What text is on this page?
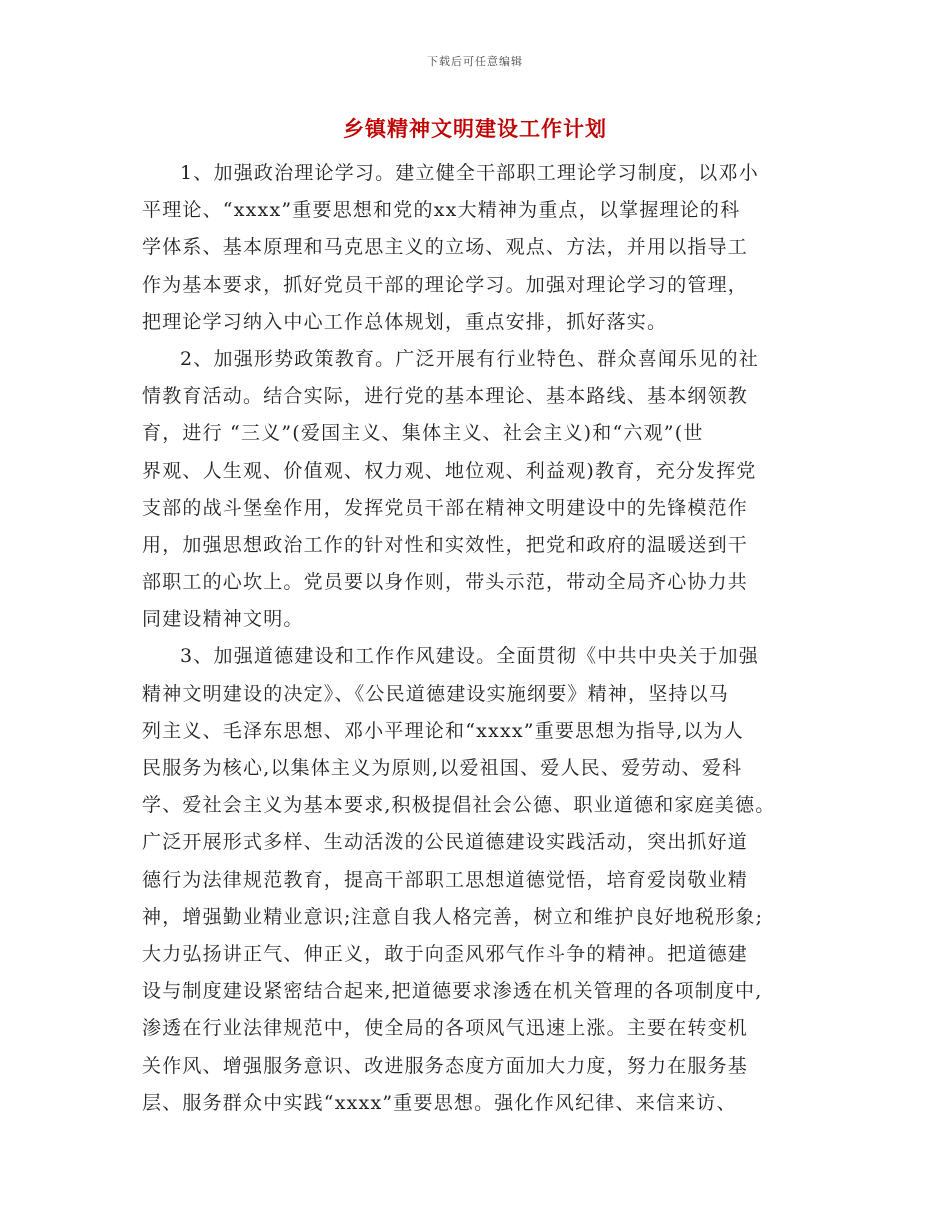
下载后可任意编辑
乡镇精神文明建设工作计划
1、加强政治理论学习。建立健全干部职工理论学习制度，以邓小
平理论、“xxxx”重要思想和党的xx大精神为重点，以掌握理论的科
学体系、基本原理和马克思主义的立场、观点、方法，并用以指导工
作为基本要求，抓好党员干部的理论学习。加强对理论学习的管理，
把理论学习纳入中心工作总体规划，重点安排，抓好落实。
2、加强形势政策教育。广泛开展有行业特色、群众喜闻乐见的社
情教育活动。结合实际，进行党的基本理论、基本路线、基本纲领教
育，进行 “三义”(爱国主义、集体主义、社会主义)和“六观”(世
界观、人生观、价值观、权力观、地位观、利益观)教育，充分发挥党
支部的战斗堡垒作用，发挥党员干部在精神文明建设中的先锋模范作
用，加强思想政治工作的针对性和实效性，把党和政府的温暖送到干
部职工的心坎上。党员要以身作则，带头示范，带动全局齐心协力共
同建设精神文明。
3、加强道德建设和工作作风建设。全面贯彻《中共中央关于加强
精神文明建设的决定》、《公民道德建设实施纲要》精神，坚持以马
列主义、毛泽东思想、邓小平理论和“xxxx”重要思想为指导,以为人
民服务为核心,以集体主义为原则,以爱祖国、爱人民、爱劳动、爱科
学、爱社会主义为基本要求,积极提倡社会公德、职业道德和家庭美德。
广泛开展形式多样、生动活泼的公民道德建设实践活动，突出抓好道
德行为法律规范教育，提高干部职工思想道德觉悟，培育爱岗敬业精
神，增强勤业精业意识;注意自我人格完善，树立和维护良好地税形象;
大力弘扬讲正气、伸正义，敢于向歪风邪气作斗争的精神。把道德建
设与制度建设紧密结合起来,把道德要求渗透在机关管理的各项制度中,
渗透在行业法律规范中，使全局的各项风气迅速上涨。主要在转变机
关作风、增强服务意识、改进服务态度方面加大力度，努力在服务基
层、服务群众中实践“xxxx”重要思想。强化作风纪律、来信来访、
